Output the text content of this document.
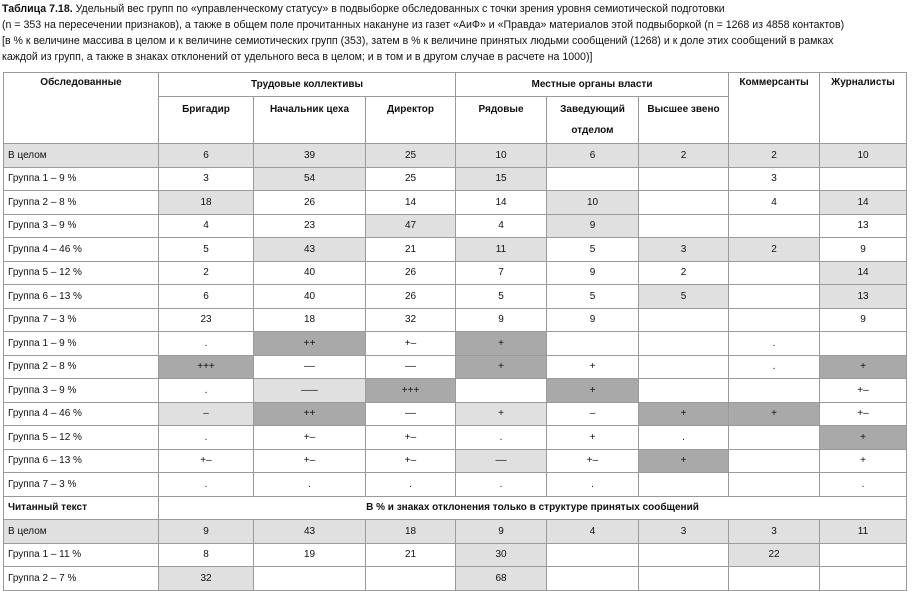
Таблица 7.18. Удельный вес групп по «управленческому статусу» в подвыборке обследованных с точки зрения уровня семиотической подготовки
(n = 353 на пересечении признаков), а также в общем поле прочитанных накануне из газет «АиФ» и «Правда» материалов этой подвыборкой (n = 1268 из 4858 контактов)
[в % к величине массива в целом и к величине семиотических групп (353), затем в % к величине принятых людьми сообщений (1268) и к доле этих сообщений в рамках
каждой из групп, а также в знаках отклонений от удельного веса в целом; и в том и в другом случае в расчете на 1000)]
Обследованные	Трудовые коллективы			Местные органы власти			Коммерсанты	Журналисты
	Бригадир	Начальник цеха	Директор	Рядовые	Заведующий отделом	Высшее звено		
В целом	6	39	25	10	6	2	2	10
Группа 1 – 9 %	3	54	25	15			3	
Группа 2 – 8 %	18	26	14	14	10		4	14
Группа 3 – 9 %	4	23	47	4	9			13
Группа 4 – 46 %	5	43	21	11	5	3	2	9
Группа 5 – 12 %	2	40	26	7	9	2		14
Группа 6 – 13 %	6	40	26	5	5	5		13
Группа 7 – 3 %	23	18	32	9	9			9
Группа 1 – 9 %	.	++	+–	+			.	
Группа 2 – 8 %	+++	––	––	+	+		.	+
Группа 3 – 9 %	.	–––	+++		+			+–
Группа 4 – 46 %	–	++	––	+	–	+	+	+–
Группа 5 – 12 %	.	+–	+–	.	+	.		+
Группа 6 – 13 %	+–	+–	+–	––	+–	+		+
Группа 7 – 3 %	.	.	.	.	.			.
Читанный текст	В % и знаках отклонения только в структуре принятых сообщений							
В целом	9	43	18	9	4	3	3	11
Группа 1 – 11 %	8	19	21	30			22	
Группа 2 – 7 %	32			68				
